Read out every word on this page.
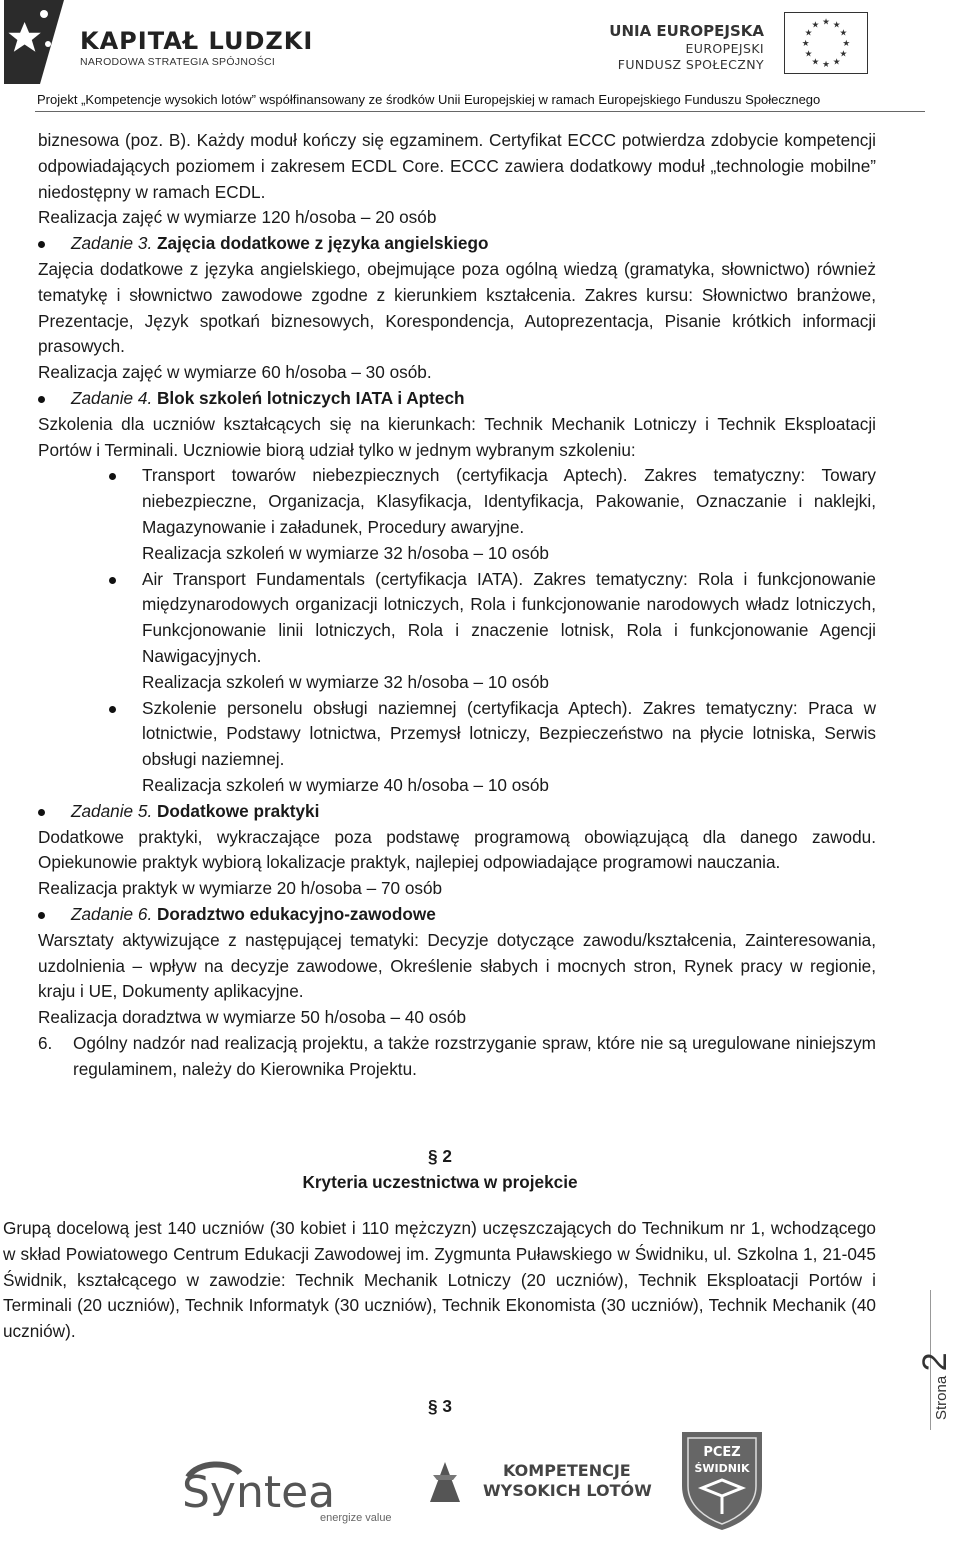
KAPITAŁ LUDZKI
NARODOWA STRATEGIA SPÓJNOŚCI
UNIA EUROPEJSKA
EUROPEJSKI
FUNDUSZ SPOŁECZNY
★ ★
★
★
★
★
★
★
★
★
★
★
Projekt „Kompetencje wysokich lotów” współfinansowany ze środków Unii Europejskiej w ramach Europejskiego Funduszu Społecznego

biznesowa (poz. B). Każdy moduł kończy się egzaminem. Certyfikat ECCC potwierdza zdobycie kompetencji odpowiadających poziomem i zakresem ECDL Core. ECCC zawiera dodatkowy moduł „technologie mobilne” niedostępny w ramach ECDL.

Realizacja zajęć w wymiarze 120 h/osoba – 20 osób

Zadanie 3. Zajęcia dodatkowe z języka angielskiego

Zajęcia dodatkowe z języka angielskiego, obejmujące poza ogólną wiedzą (gramatyka, słownictwo) również tematykę i słownictwo zawodowe zgodne z kierunkiem kształcenia. Zakres kursu: Słownictwo branżowe, Prezentacje, Język spotkań biznesowych, Korespondencja, Autoprezentacja, Pisanie krótkich informacji prasowych.

Realizacja zajęć w wymiarze 60 h/osoba – 30 osób.

Zadanie 4. Blok szkoleń lotniczych IATA i Aptech

Szkolenia dla uczniów kształcących się na kierunkach: Technik Mechanik Lotniczy i Technik Eksploatacji Portów i Terminali. Uczniowie biorą udział tylko w jednym wybranym szkoleniu:

Transport towarów niebezpiecznych (certyfikacja Aptech). Zakres tematyczny: Towary niebezpieczne, Organizacja, Klasyfikacja, Identyfikacja, Pakowanie, Oznaczanie i naklejki, Magazynowanie i załadunek, Procedury awaryjne.
Realizacja szkoleń w wymiarze 32 h/osoba – 10 osób

Air Transport Fundamentals (certyfikacja IATA). Zakres tematyczny: Rola i funkcjonowanie międzynarodowych organizacji lotniczych, Rola i funkcjonowanie narodowych władz lotniczych, Funkcjonowanie linii lotniczych, Rola i znaczenie lotnisk, Rola i funkcjonowanie Agencji Nawigacyjnych.
Realizacja szkoleń w wymiarze 32 h/osoba – 10 osób

Szkolenie personelu obsługi naziemnej (certyfikacja Aptech). Zakres tematyczny: Praca w lotnictwie, Podstawy lotnictwa, Przemysł lotniczy, Bezpieczeństwo na płycie lotniska, Serwis obsługi naziemnej.
Realizacja szkoleń w wymiarze 40 h/osoba – 10 osób

Zadanie 5. Dodatkowe praktyki

Dodatkowe praktyki, wykraczające poza podstawę programową obowiązującą dla danego zawodu. Opiekunowie praktyk wybiorą lokalizacje praktyk, najlepiej odpowiadające programowi nauczania.

Realizacja praktyk w wymiarze 20 h/osoba – 70 osób

Zadanie 6. Doradztwo edukacyjno-zawodowe

Warsztaty aktywizujące z następującej tematyki: Decyzje dotyczące zawodu/kształcenia, Zainteresowania, uzdolnienia – wpływ na decyzje zawodowe, Określenie słabych i mocnych stron, Rynek pracy w regionie, kraju i UE, Dokumenty aplikacyjne.

Realizacja doradztwa w wymiarze 50 h/osoba – 40 osób

6. Ogólny nadzór nad realizacją projektu, a także rozstrzyganie spraw, które nie są uregulowane niniejszym regulaminem, należy do Kierownika Projektu.

§ 2
Kryteria uczestnictwa w projekcie

Grupą docelową jest 140 uczniów (30 kobiet i 110 mężczyzn) uczęszczających do Technikum nr 1, wchodzącego w skład Powiatowego Centrum Edukacji Zawodowej im. Zygmunta Puławskiego w Świdniku, ul. Szkolna 1, 21-045 Świdnik, kształcącego w zawodzie: Technik Mechanik Lotniczy (20 uczniów), Technik Eksploatacji Portów i Terminali (20 uczniów), Technik Informatyk (30 uczniów), Technik Ekonomista (30 uczniów), Technik Mechanik (40 uczniów).

§ 3	Strona 2
Syntea
energize value
KOMPETENCJE
WYSOKICH LOTÓW
PCEZ
ŚWIDNIK
